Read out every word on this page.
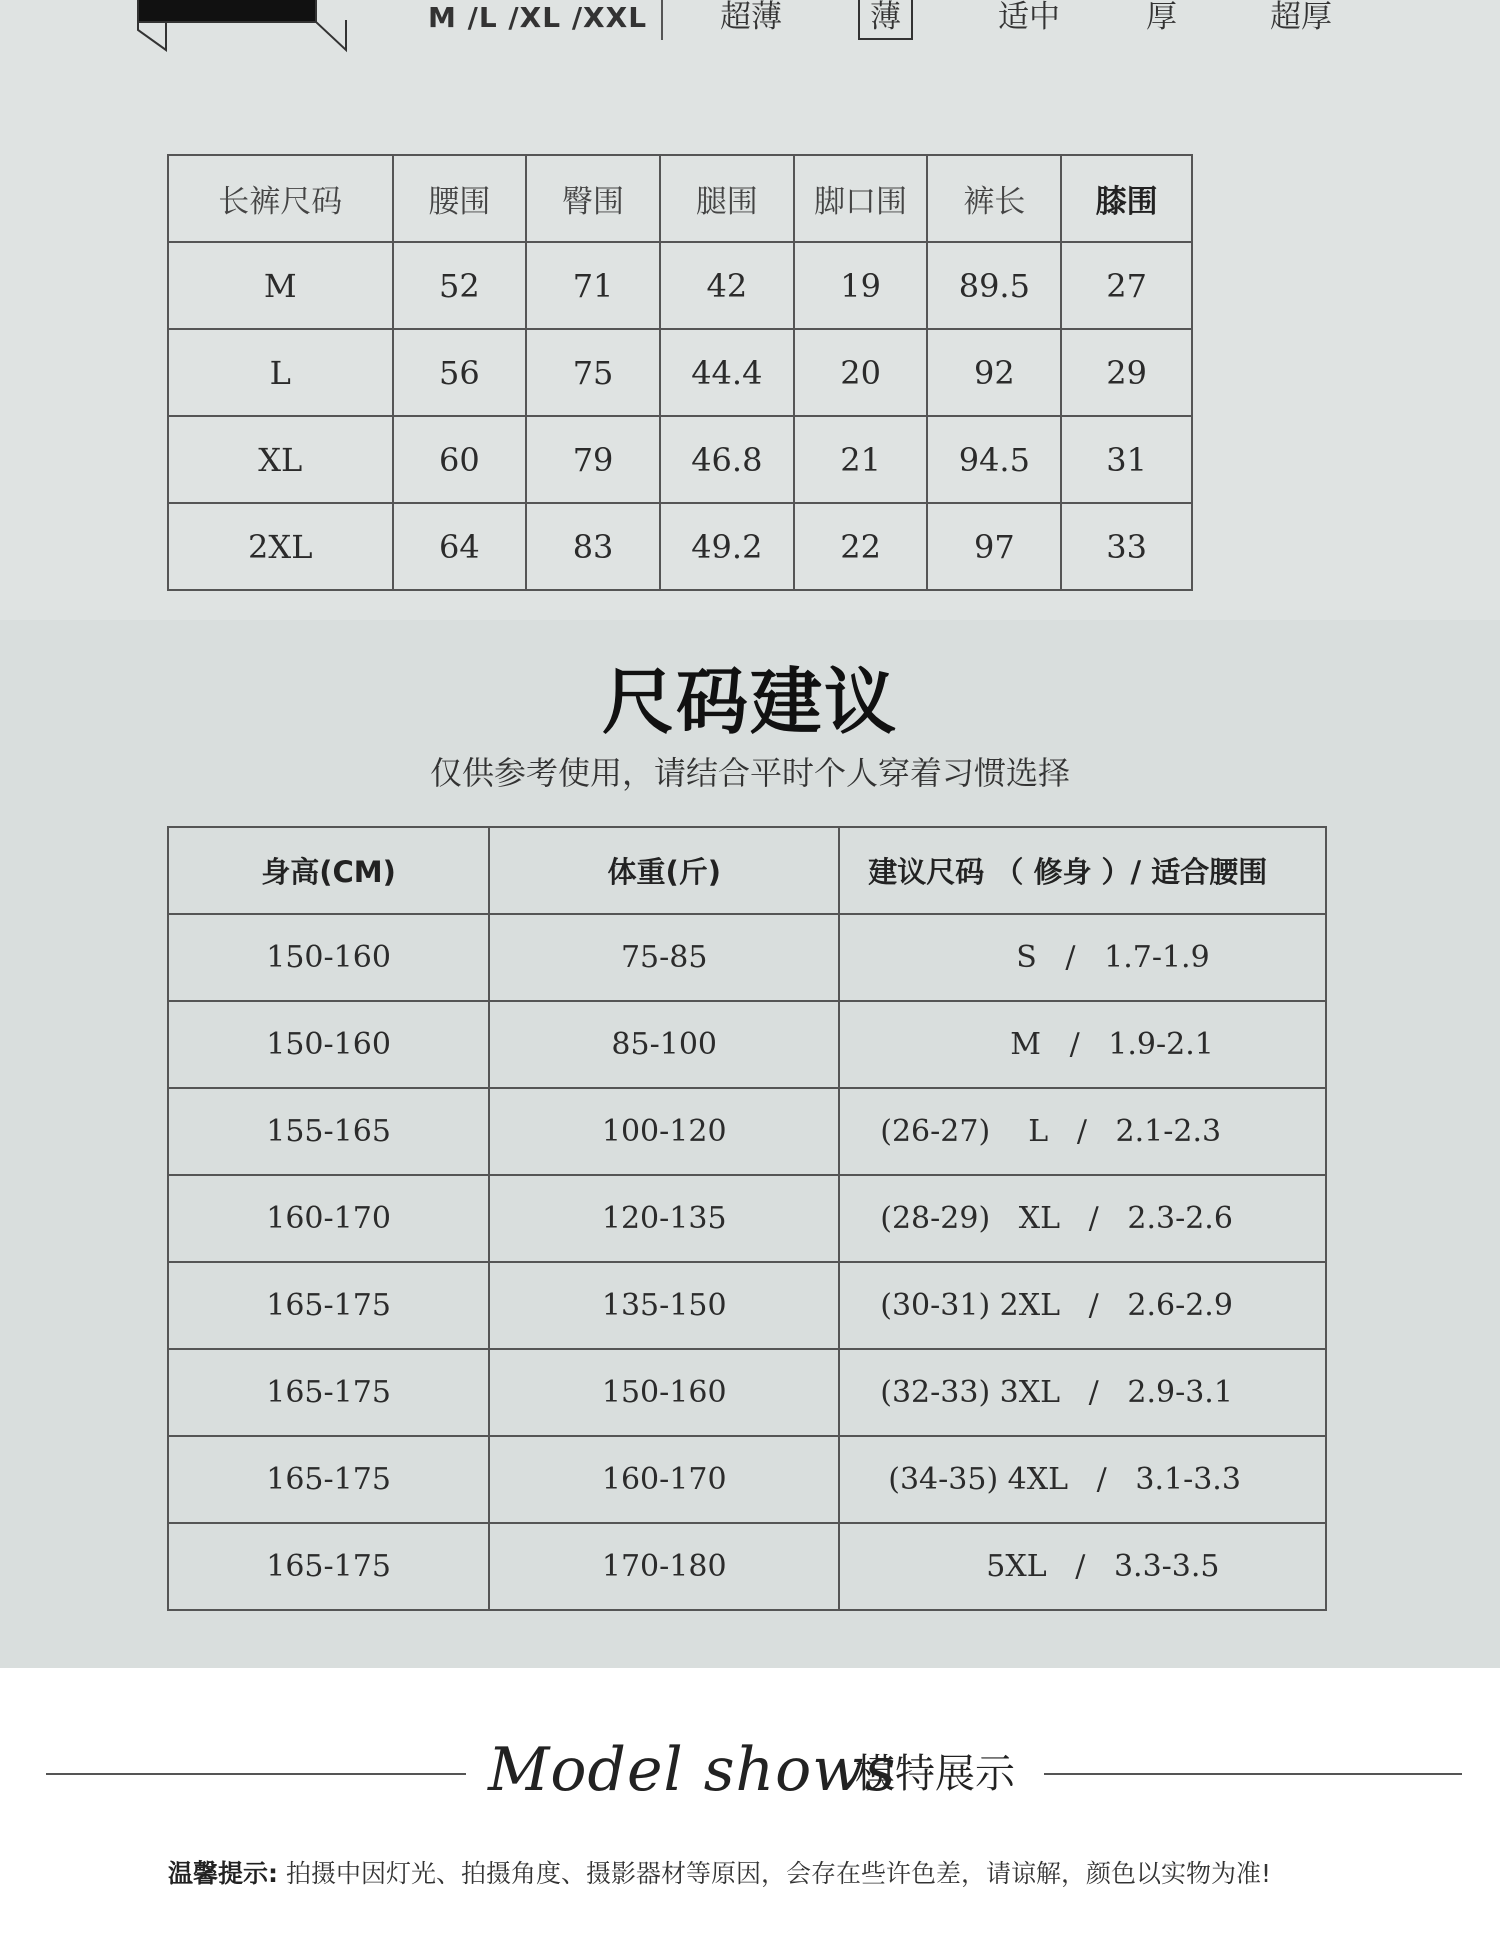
M /L /XL /XXL	超薄	薄	适中	厚	超厚
长裤尺码	腰围	臀围	腿围	脚口围	裤长	膝围
M	52	71	42	19	89.5	27
L	56	75	44.4	20	92	29
XL	60	79	46.8	21	94.5	31
2XL	64	83	49.2	22	97	33
尺码建议
仅供参考使用，请结合平时个人穿着习惯选择
身高(CM)	体重(斤)	建议尺码 （ 修身 ）/ 适合腰围
150-160	75-85	S   /   1.7-1.9
150-160	85-100	M   /   1.9-2.1
155-165	100-120	(26-27)    L   /   2.1-2.3
160-170	120-135	(28-29)   XL   /   2.3-2.6
165-175	135-150	(30-31) 2XL   /   2.6-2.9
165-175	150-160	(32-33) 3XL   /   2.9-3.1
165-175	160-170	(34-35) 4XL   /   3.1-3.3
165-175	170-180	5XL   /   3.3-3.5
Model shows
模特展示
温馨提示: 拍摄中因灯光、拍摄角度、摄影器材等原因，会存在些许色差，请谅解，颜色以实物为准!
